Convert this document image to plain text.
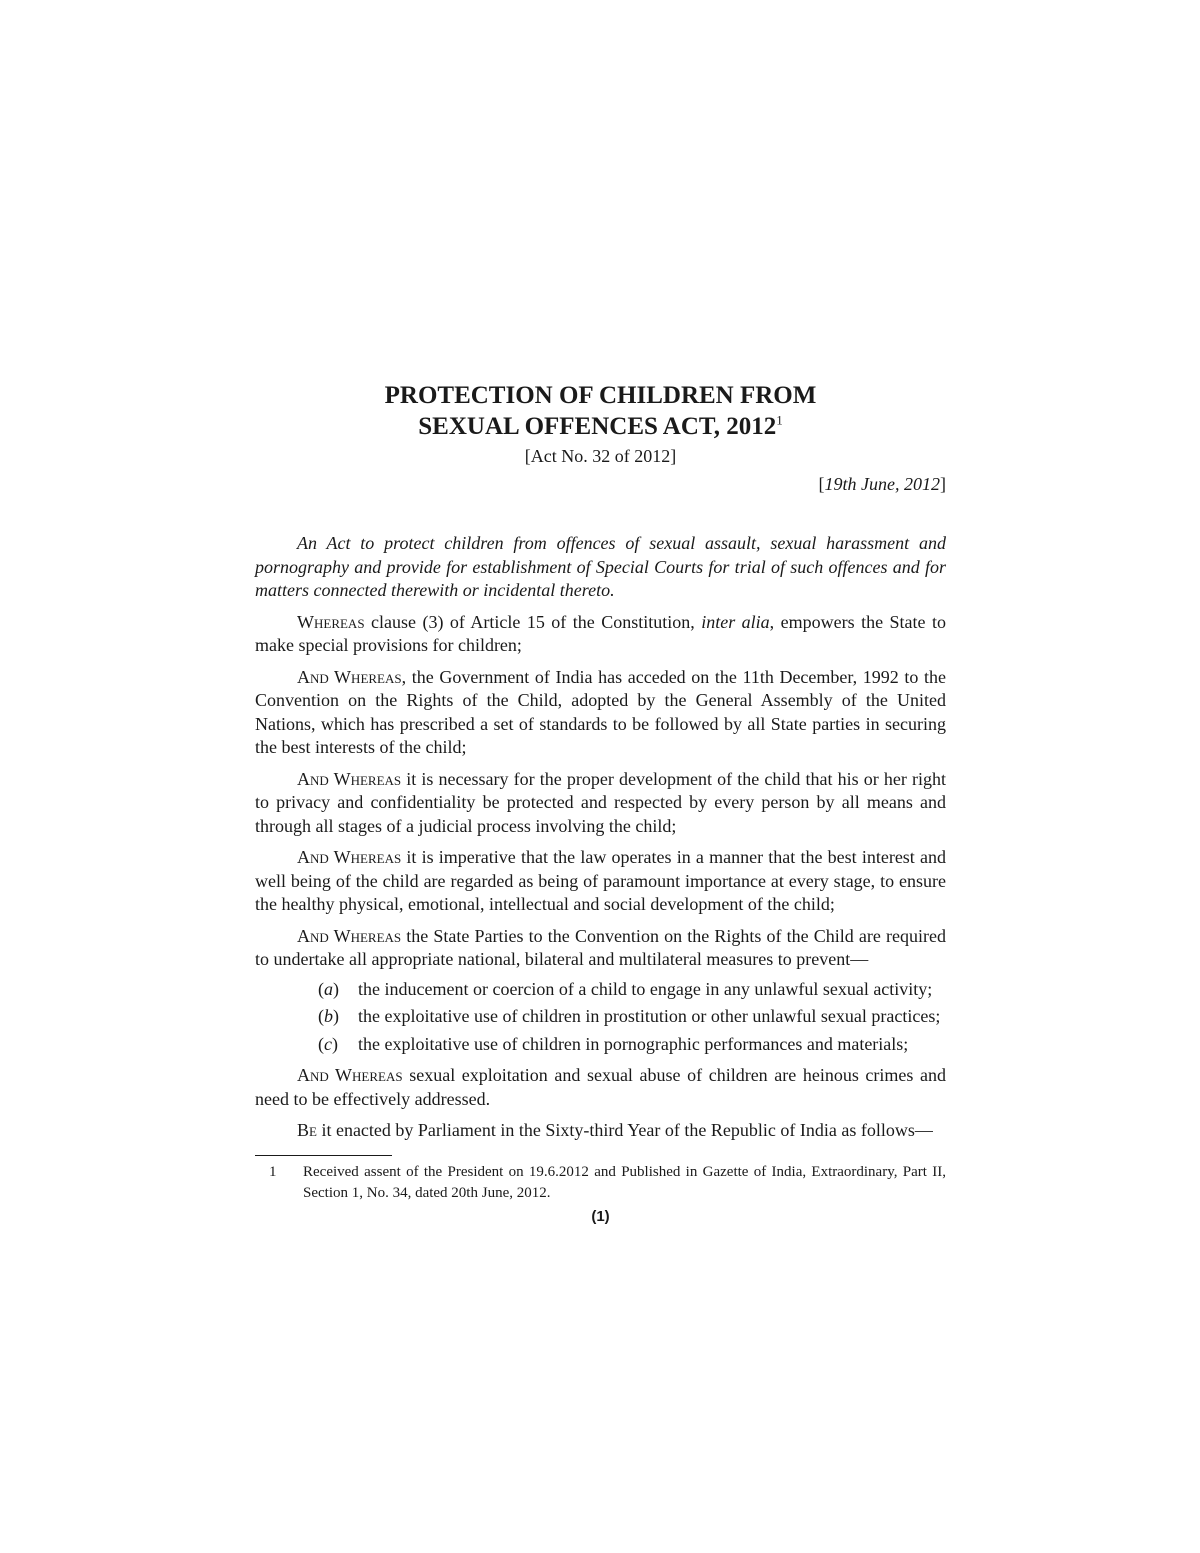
PROTECTION OF CHILDREN FROM
SEXUAL OFFENCES ACT, 2012$^1$
[Act No. 32 of 2012]
[19th June, 2012]

An Act to protect children from offences of sexual assault, sexual harassment and pornography and provide for establishment of Special Courts for trial of such offences and for matters connected therewith or incidental thereto.

Whereas clause (3) of Article 15 of the Constitution, inter alia, empowers the State to make special provisions for children;

And Whereas, the Government of India has acceded on the 11th December, 1992 to the Convention on the Rights of the Child, adopted by the General Assembly of the United Nations, which has prescribed a set of standards to be followed by all State parties in securing the best interests of the child;

And Whereas it is necessary for the proper development of the child that his or her right to privacy and confidentiality be protected and respected by every person by all means and through all stages of a judicial process involving the child;

And Whereas it is imperative that the law operates in a manner that the best interest and well being of the child are regarded as being of paramount importance at every stage, to ensure the healthy physical, emotional, intellectual and social development of the child;

And Whereas the State Parties to the Convention on the Rights of the Child are required to undertake all appropriate national, bilateral and multilateral measures to prevent—

(a)	the inducement or coercion of a child to engage in any unlawful sexual activity;
(b)	the exploitative use of children in prostitution or other unlawful sexual practices;
(c)	the exploitative use of children in pornographic performances and materials;

And Whereas sexual exploitation and sexual abuse of children are heinous crimes and need to be effectively addressed.

Be it enacted by Parliament in the Sixty-third Year of the Republic of India as follows—

1	Received assent of the President on 19.6.2012 and Published in Gazette of India, Extraordinary, Part II, Section 1, No. 34, dated 20th June, 2012.
(1)
